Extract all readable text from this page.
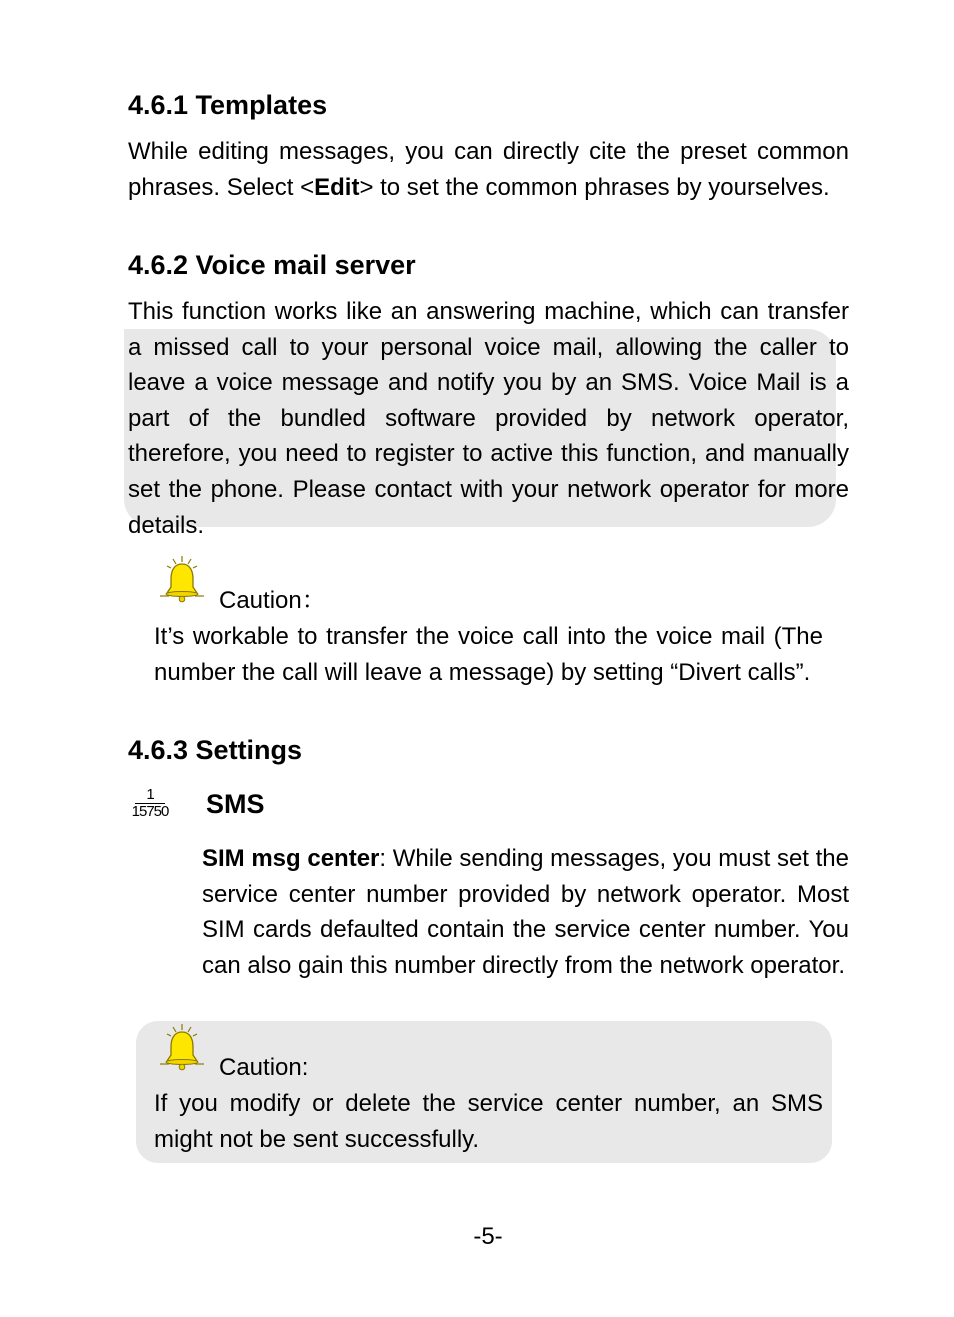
4.6.1 Templates

While editing messages, you can directly cite the preset common phrases. Select <Edit> to set the common phrases by yourselves.

4.6.2 Voice mail server

This function works like an answering machine, which can transfer a missed call to your personal voice mail, allowing the caller to leave a voice message and notify you by an SMS. Voice Mail is a part of the bundled software provided by network operator, therefore, you need to register to active this function, and manually set the phone. Please contact with your network operator for more details.

Caution：

It’s workable to transfer the voice call into the voice mail (The number the call will leave a message) by setting “Divert calls”.

4.6.3 Settings
$\frac{1}{15750}$ SMS

SIM msg center: While sending messages, you must set the service center number provided by network operator. Most SIM cards defaulted contain the service center number. You can also gain this number directly from the network operator.

Caution:

If you modify or delete the service center number, an SMS might not be sent successfully.

-5-
